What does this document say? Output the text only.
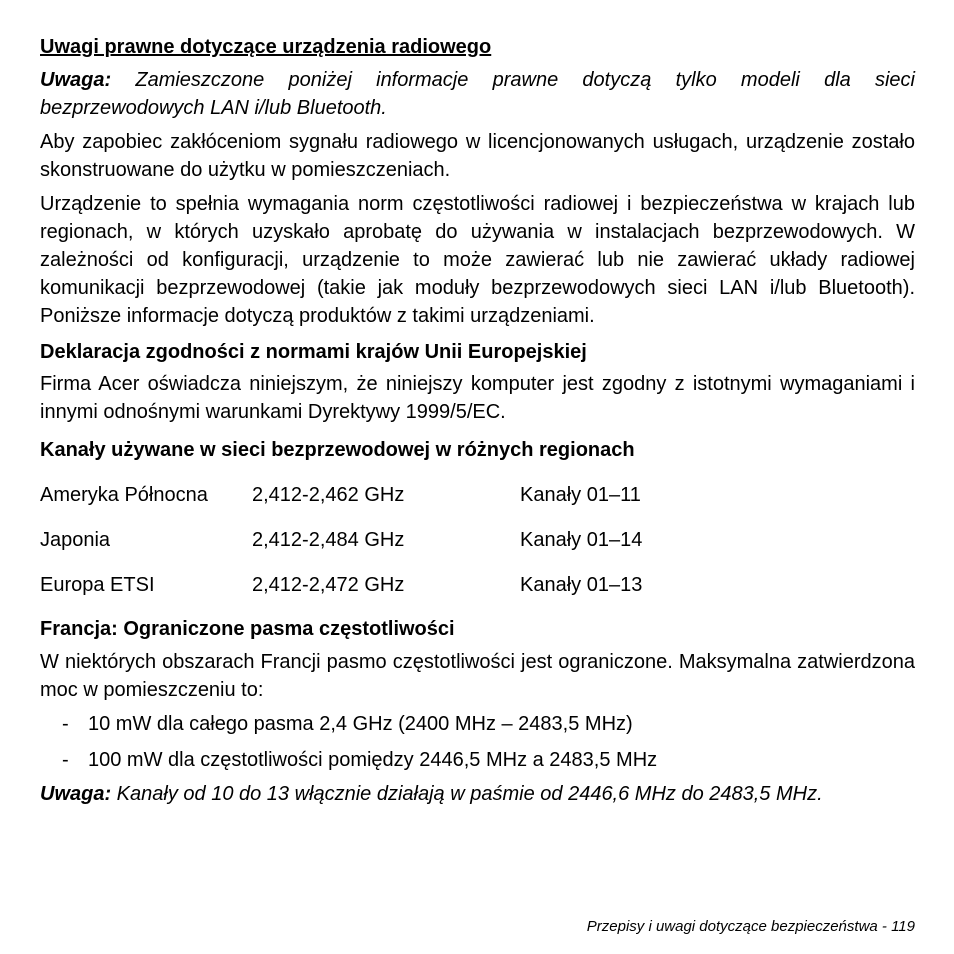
Uwagi prawne dotyczące urządzenia radiowego

Uwaga: Zamieszczone poniżej informacje prawne dotyczą tylko modeli dla sieci bezprzewodowych LAN i/lub Bluetooth.

Aby zapobiec zakłóceniom sygnału radiowego w licencjonowanych usługach, urządzenie zostało skonstruowane do użytku w pomieszczeniach.

Urządzenie to spełnia wymagania norm częstotliwości radiowej i bezpieczeństwa w krajach lub regionach, w których uzyskało aprobatę do używania w instalacjach bezprzewodowych. W zależności od konfiguracji, urządzenie to może zawierać lub nie zawierać układy radiowej komunikacji bezprzewodowej (takie jak moduły bezprzewodowych sieci LAN i/lub Bluetooth). Poniższe informacje dotyczą produktów z takimi urządzeniami.

Deklaracja zgodności z normami krajów Unii Europejskiej

Firma Acer oświadcza niniejszym, że niniejszy komputer jest zgodny z istotnymi wymaganiami i innymi odnośnymi warunkami Dyrektywy 1999/5/EC.

Kanały używane w sieci bezprzewodowej w różnych regionach
Ameryka Północna	2,412-2,462 GHz	Kanały 01–11
Japonia	2,412-2,484 GHz	Kanały 01–14
Europa ETSI	2,412-2,472 GHz	Kanały 01–13
Francja: Ograniczone pasma częstotliwości

W niektórych obszarach Francji pasmo częstotliwości jest ograniczone. Maksymalna zatwierdzona moc w pomieszczeniu to:

- 10 mW dla całego pasma 2,4 GHz (2400 MHz – 2483,5 MHz)
- 100 mW dla częstotliwości pomiędzy 2446,5 MHz a 2483,5 MHz

Uwaga: Kanały od 10 do 13 włącznie działają w paśmie od 2446,6 MHz do 2483,5 MHz.

Przepisy i uwagi dotyczące bezpieczeństwa - 119
